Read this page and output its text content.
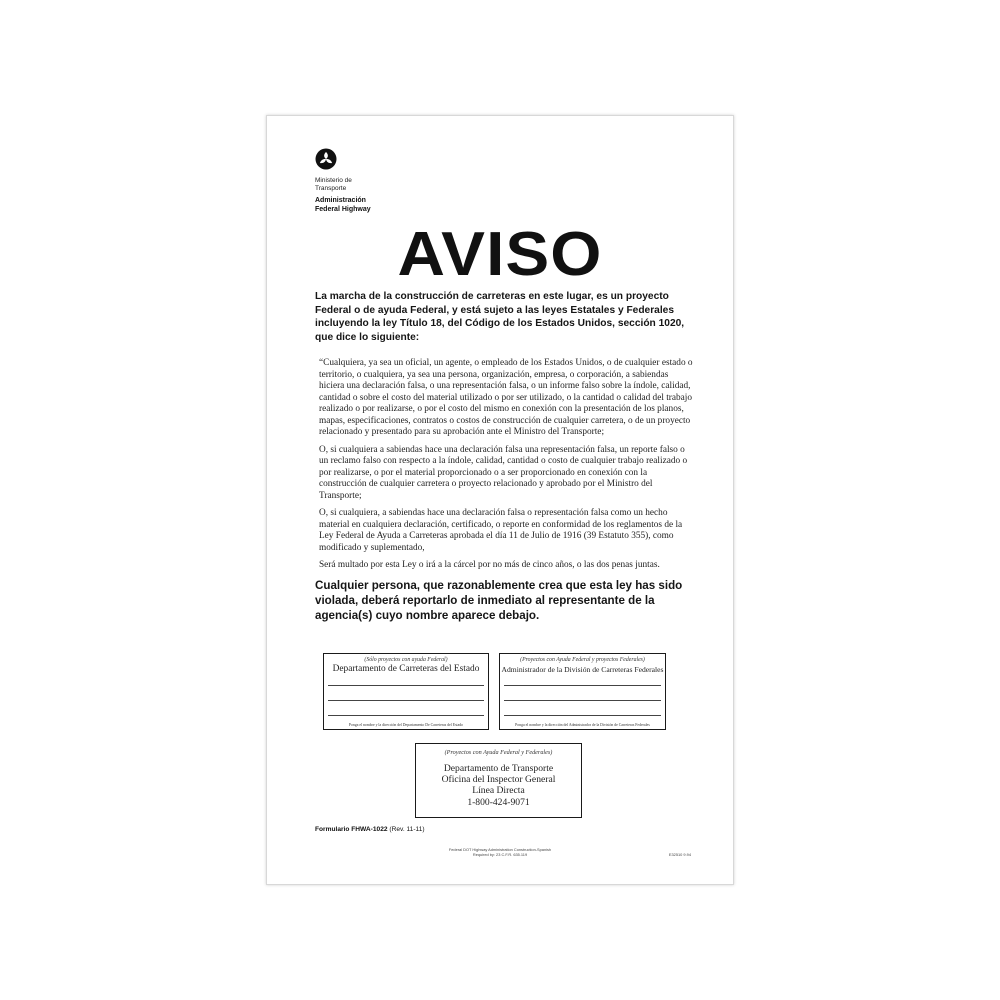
Ministerio de
Transporte
Administración
Federal Highway
AVISO
La marcha de la construcción de carreteras en este lugar, es un proyecto Federal o de ayuda Federal, y está sujeto a las leyes Estatales y Federales incluyendo la ley Título 18, del Código de los Estados Unidos, sección 1020, que dice lo siguiente:

“Cualquiera, ya sea un oficial, un agente, o empleado de los Estados Unidos, o de cualquier estado o territorio, o cualquiera, ya sea una persona, organización, empresa, o corporación, a sabiendas hiciera una declaración falsa, o una representación falsa, o un informe falso sobre la índole, calidad, cantidad o sobre el costo del material utilizado o por ser utilizado, o la cantidad o calidad del trabajo realizado o por realizarse, o por el costo del mismo en conexión con la presentación de los planos, mapas, especificaciones, contratos o costos de construcción de cualquier carretera, o de un proyecto relacionado y presentado para su aprobación ante el Ministro del Transporte;

O, si cualquiera a sabiendas hace una declaración falsa una representación falsa, un reporte falso o un reclamo falso con respecto a la índole, calidad, cantidad o costo de cualquier trabajo realizado o por realizarse, o por el material proporcionado o a ser proporcionado en conexión con la construcción de cualquier carretera o proyecto relacionado y aprobado por el Ministro del Transporte;

O, si cualquiera, a sabiendas hace una declaración falsa o representación falsa como un hecho material en cualquiera declaración, certificado, o reporte en conformidad de los reglamentos de la Ley Federal de Ayuda a Carreteras aprobada el día 11 de Julio de 1916 (39 Estatuto 355), como modificado y suplementado,

Será multado por esta Ley o irá a la cárcel por no más de cinco años, o las dos penas juntas.

Cualquier persona, que razonablemente crea que esta ley has sido violada, deberá reportarlo de inmediato al representante de la agencia(s) cuyo nombre aparece debajo.
(Sólo proyectos con ayuda Federal)
Departamento de Carreteras del Estado
Ponga el nombre y la dirección del Departamento De Carreteras del Estado
(Proyectos con Ayuda Federal y proyectos Federales)
Administrador de la División de Carreteras Federales
Ponga el nombre y la dirección del Administrador de la División de Carreteras Federales
(Proyectos con Ayuda Federal y Federales)
Departamento de Transporte
Oficina del Inspector General
Línea Directa
1-800-424-9071
Formulario FHWA-1022 (Rev. 11-11)
Federal DOT Highway Administration Construction-Spanish
Required by: 23 C.F.R. 635.119	E32510 9.94
